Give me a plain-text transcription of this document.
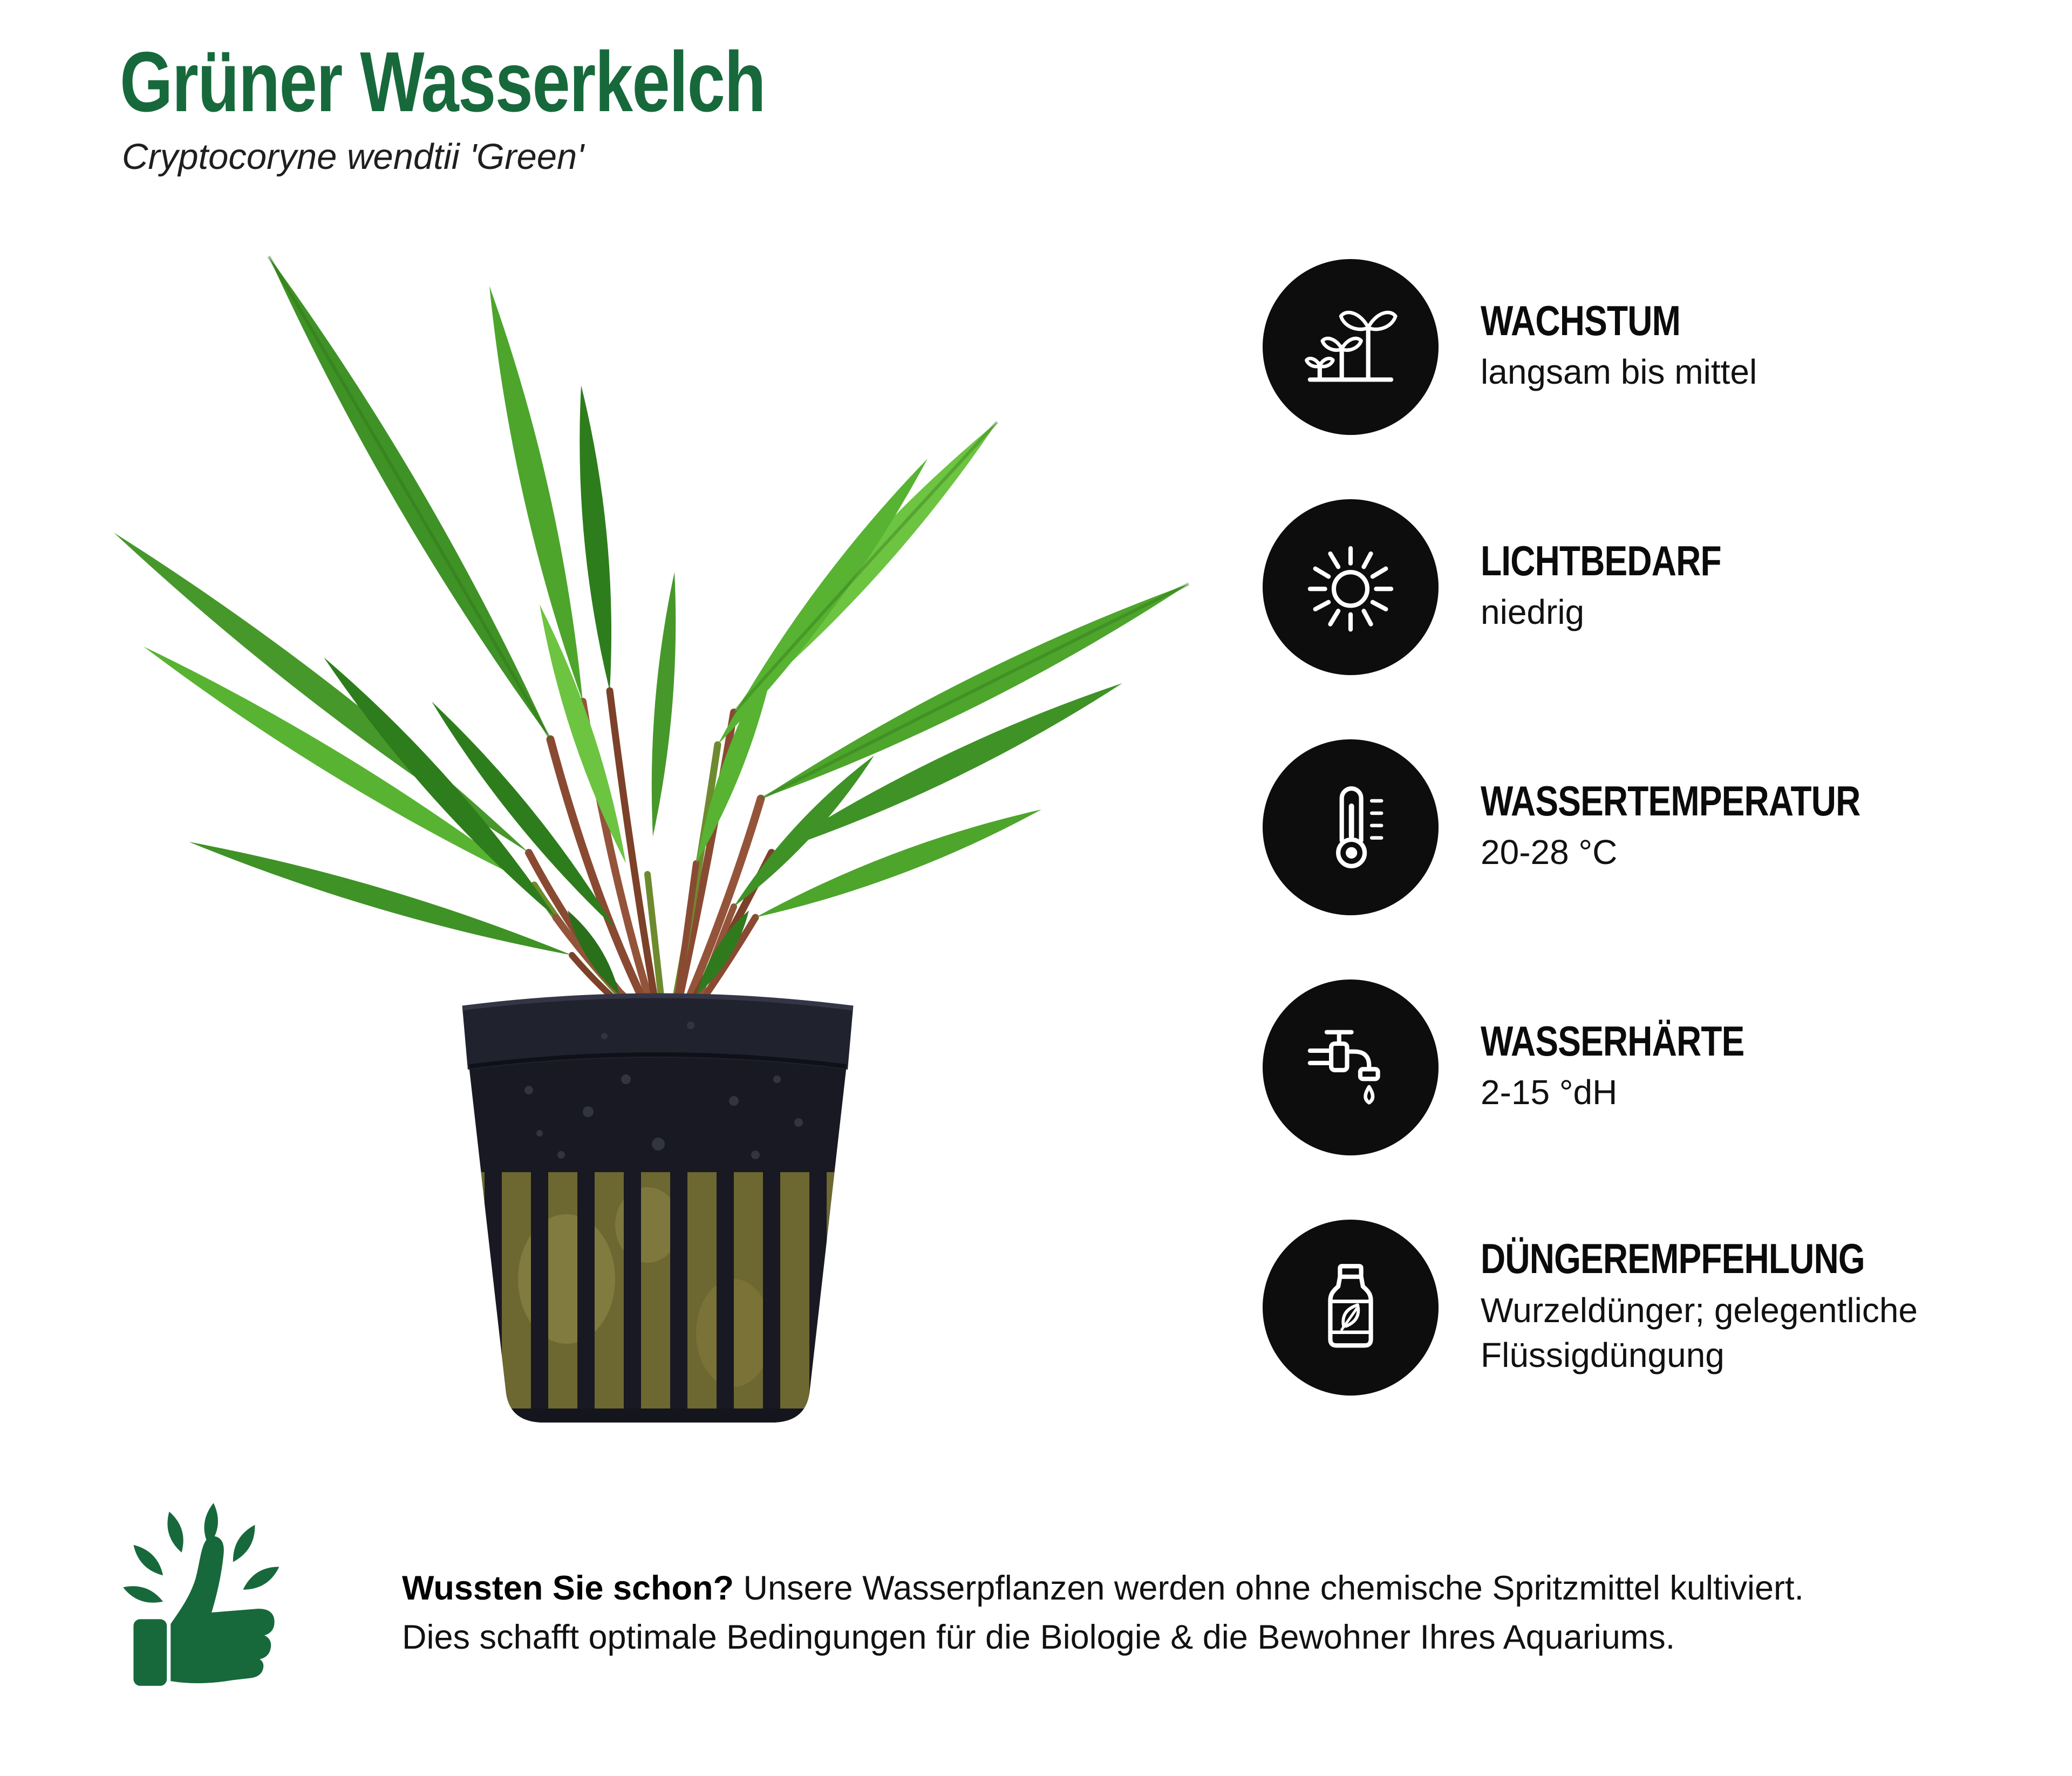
Grüner Wasserkelch
Cryptocoryne wendtii 'Green'
WACHSTUM
langsam bis mittel
LICHTBEDARF
niedrig
WASSERTEMPERATUR
20-28 °C
WASSERHÄRTE
2-15 °dH
DÜNGEREMPFEHLUNG
Wurzeldünger; gelegentliche Flüssigdüngung
Wussten Sie schon? Unsere Wasserpflanzen werden ohne chemische Spritzmittel kultiviert.
Dies schafft optimale Bedingungen für die Biologie & die Bewohner Ihres Aquariums.
